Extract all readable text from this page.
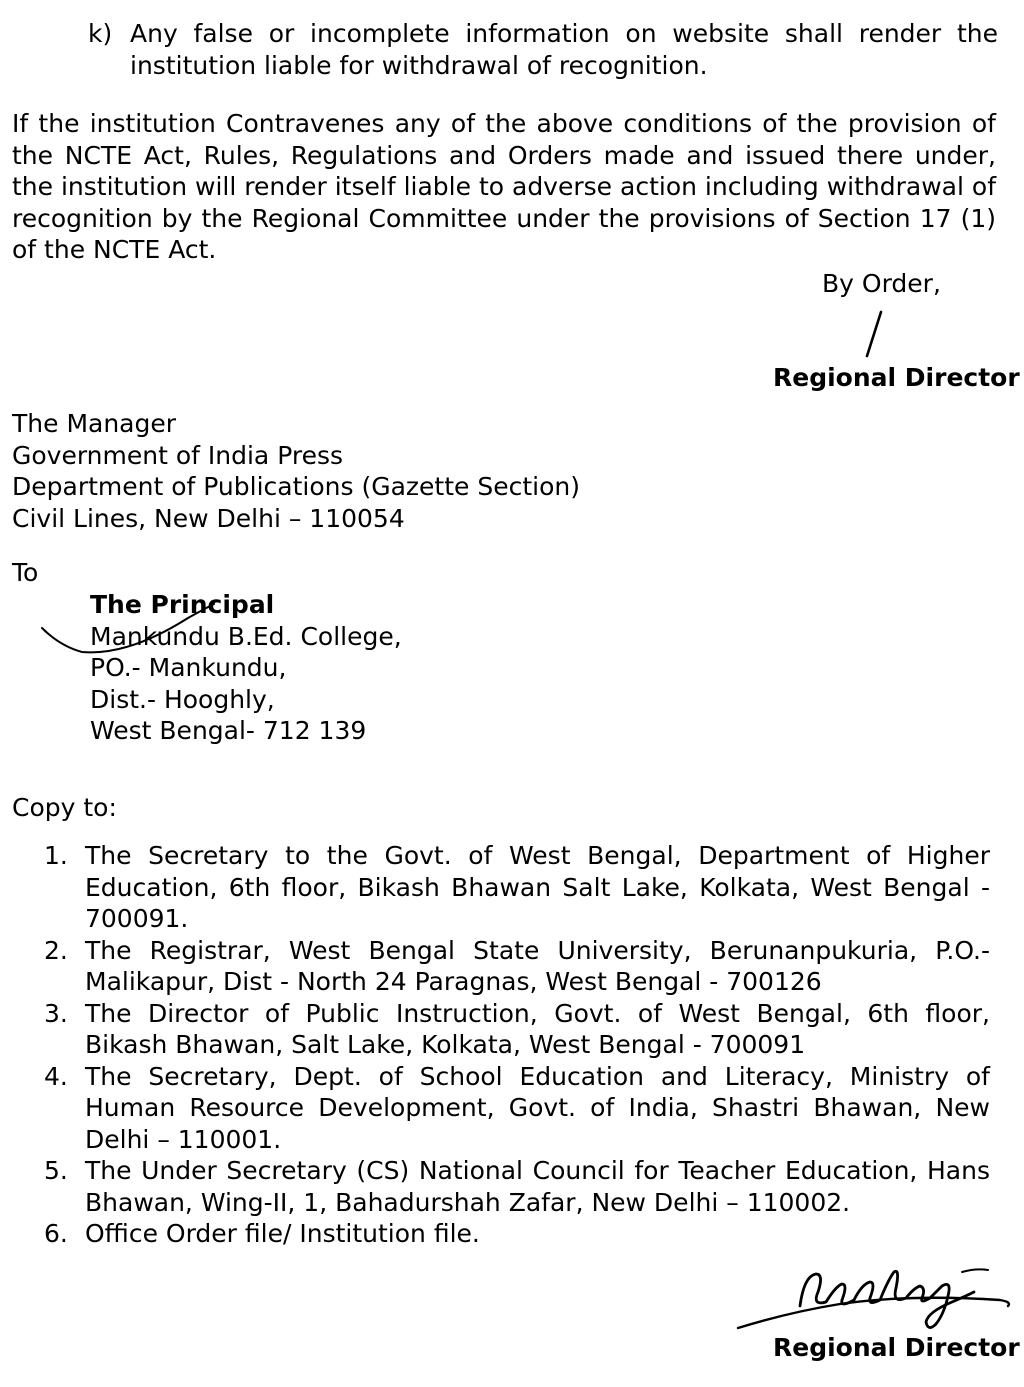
k) Any false or incomplete information on website shall render the institution liable for withdrawal of recognition.
If the institution Contravenes any of the above conditions of the provision of the NCTE Act, Rules, Regulations and Orders made and issued there under, the institution will render itself liable to adverse action including withdrawal of recognition by the Regional Committee under the provisions of Section 17 (1) of the NCTE Act.
By Order,
Regional Director
The Manager
Government of India Press
Department of Publications (Gazette Section)
Civil Lines, New Delhi – 110054
To
The Principal
Mankundu B.Ed. College,
PO.- Mankundu,
Dist.- Hooghly,
West Bengal- 712 139
Copy to:
1. The Secretary to the Govt. of West Bengal, Department of Higher Education, 6th floor, Bikash Bhawan Salt Lake, Kolkata, West Bengal - 700091.
2. The Registrar, West Bengal State University, Berunanpukuria, P.O.- Malikapur, Dist - North 24 Paragnas, West Bengal - 700126
3. The Director of Public Instruction, Govt. of West Bengal, 6th floor, Bikash Bhawan, Salt Lake, Kolkata, West Bengal - 700091
4. The Secretary, Dept. of School Education and Literacy, Ministry of Human Resource Development, Govt. of India, Shastri Bhawan, New Delhi – 110001.
5. The Under Secretary (CS) National Council for Teacher Education, Hans Bhawan, Wing-II, 1, Bahadurshah Zafar, New Delhi – 110002.
6. Office Order file/ Institution file.
Regional Director
